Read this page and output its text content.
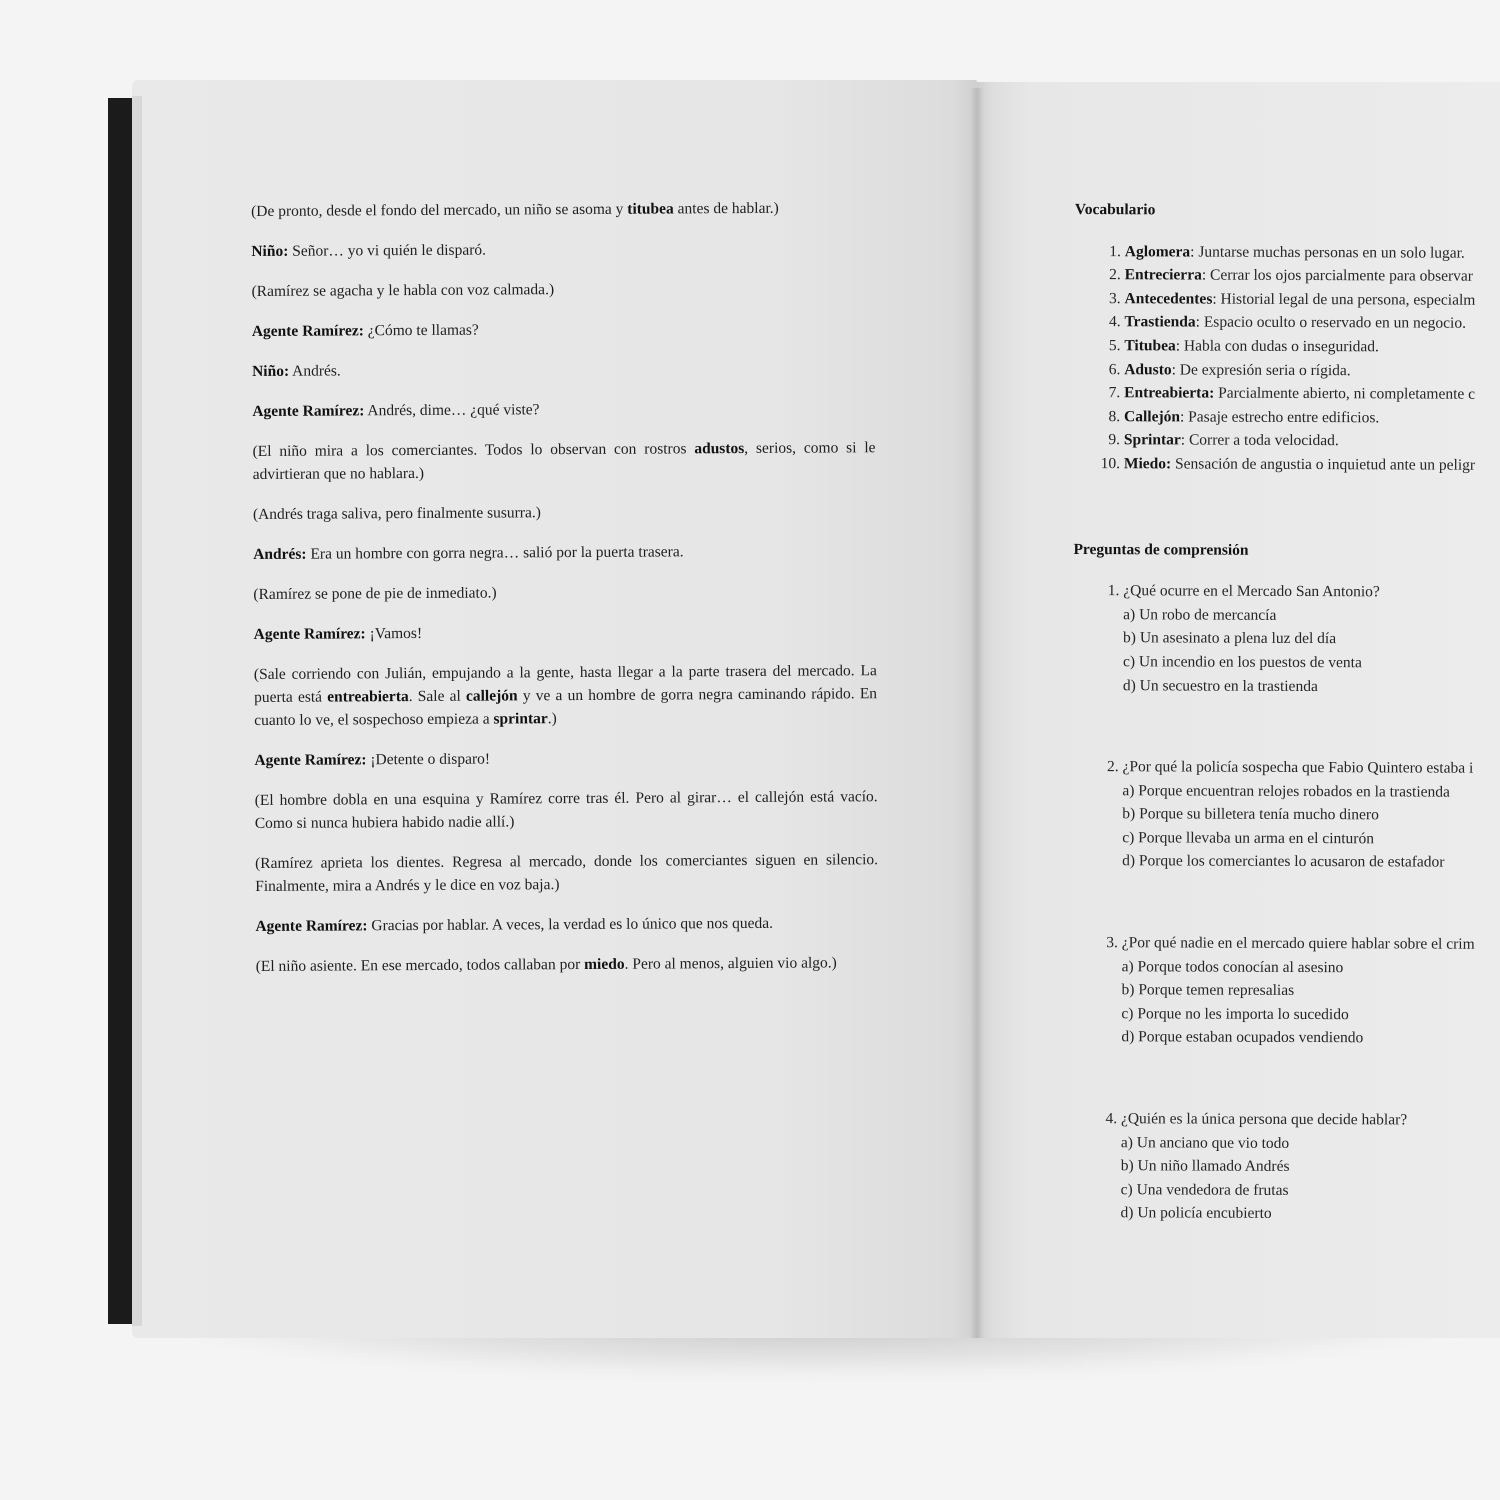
(De pronto, desde el fondo del mercado, un niño se asoma y titubea antes de hablar.)

Niño: Señor… yo vi quién le disparó.

(Ramírez se agacha y le habla con voz calmada.)

Agente Ramírez: ¿Cómo te llamas?

Niño: Andrés.

Agente Ramírez: Andrés, dime… ¿qué viste?

(El niño mira a los comerciantes. Todos lo observan con rostros adustos, serios, como si le advirtieran que no hablara.)

(Andrés traga saliva, pero finalmente susurra.)

Andrés: Era un hombre con gorra negra… salió por la puerta trasera.

(Ramírez se pone de pie de inmediato.)

Agente Ramírez: ¡Vamos!

(Sale corriendo con Julián, empujando a la gente, hasta llegar a la parte trasera del mercado. La puerta está entreabierta. Sale al callejón y ve a un hombre de gorra negra caminando rápido. En cuanto lo ve, el sospechoso empieza a sprintar.)

Agente Ramírez: ¡Detente o disparo!

(El hombre dobla en una esquina y Ramírez corre tras él. Pero al girar… el callejón está vacío. Como si nunca hubiera habido nadie allí.)

(Ramírez aprieta los dientes. Regresa al mercado, donde los comerciantes siguen en silencio. Finalmente, mira a Andrés y le dice en voz baja.)

Agente Ramírez: Gracias por hablar. A veces, la verdad es lo único que nos queda.

(El niño asiente. En ese mercado, todos callaban por miedo. Pero al menos, alguien vio algo.)

Vocabulario
1. Aglomera: Juntarse muchas personas en un solo lugar.
2. Entrecierra: Cerrar los ojos parcialmente para observar
3. Antecedentes: Historial legal de una persona, especialm
4. Trastienda: Espacio oculto o reservado en un negocio.
5. Titubea: Habla con dudas o inseguridad.
6. Adusto: De expresión seria o rígida.
7. Entreabierta: Parcialmente abierto, ni completamente c
8. Callejón: Pasaje estrecho entre edificios.
9. Sprintar: Correr a toda velocidad.
10. Miedo: Sensación de angustia o inquietud ante un peligr
Preguntas de comprensión
1. ¿Qué ocurre en el Mercado San Antonio?
a) Un robo de mercancía
b) Un asesinato a plena luz del día
c) Un incendio en los puestos de venta
d) Un secuestro en la trastienda
2. ¿Por qué la policía sospecha que Fabio Quintero estaba i
a) Porque encuentran relojes robados en la trastienda
b) Porque su billetera tenía mucho dinero
c) Porque llevaba un arma en el cinturón
d) Porque los comerciantes lo acusaron de estafador
3. ¿Por qué nadie en el mercado quiere hablar sobre el crim
a) Porque todos conocían al asesino
b) Porque temen represalias
c) Porque no les importa lo sucedido
d) Porque estaban ocupados vendiendo
4. ¿Quién es la única persona que decide hablar?
a) Un anciano que vio todo
b) Un niño llamado Andrés
c) Una vendedora de frutas
d) Un policía encubierto
